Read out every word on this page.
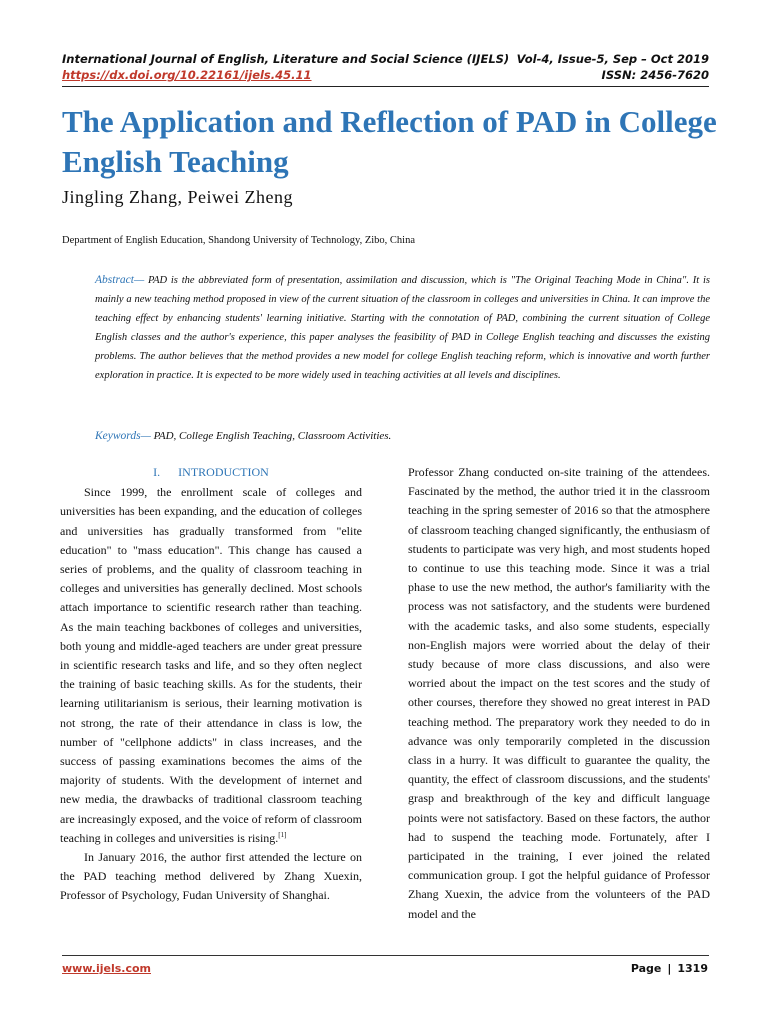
International Journal of English, Literature and Social Science (IJELS) Vol-4, Issue-5, Sep – Oct 2019
https://dx.doi.org/10.22161/ijels.45.11	ISSN: 2456-7620
The Application and Reflection of PAD in College English Teaching
Jingling Zhang, Peiwei Zheng
Department of English Education, Shandong University of Technology, Zibo, China
Abstract— PAD is the abbreviated form of presentation, assimilation and discussion, which is "The Original Teaching Mode in China". It is mainly a new teaching method proposed in view of the current situation of the classroom in colleges and universities in China. It can improve the teaching effect by enhancing students' learning initiative. Starting with the connotation of PAD, combining the current situation of College English classes and the author's experience, this paper analyses the feasibility of PAD in College English teaching and discusses the existing problems. The author believes that the method provides a new model for college English teaching reform, which is innovative and worth further exploration in practice. It is expected to be more widely used in teaching activities at all levels and disciplines.
Keywords— PAD, College English Teaching, Classroom Activities.
I. INTRODUCTION

Since 1999, the enrollment scale of colleges and universities has been expanding, and the education of colleges and universities has gradually transformed from "elite education" to "mass education". This change has caused a series of problems, and the quality of classroom teaching in colleges and universities has generally declined. Most schools attach importance to scientific research rather than teaching. As the main teaching backbones of colleges and universities, both young and middle-aged teachers are under great pressure in scientific research tasks and life, and so they often neglect the training of basic teaching skills. As for the students, their learning utilitarianism is serious, their learning motivation is not strong, the rate of their attendance in class is low, the number of "cellphone addicts" in class increases, and the success of passing examinations becomes the aims of the majority of students. With the development of internet and new media, the drawbacks of traditional classroom teaching are increasingly exposed, and the voice of reform of classroom teaching in colleges and universities is rising.[1]

In January 2016, the author first attended the lecture on the PAD teaching method delivered by Zhang Xuexin, Professor of Psychology, Fudan University of Shanghai.

Professor Zhang conducted on-site training of the attendees. Fascinated by the method, the author tried it in the classroom teaching in the spring semester of 2016 so that the atmosphere of classroom teaching changed significantly, the enthusiasm of students to participate was very high, and most students hoped to continue to use this teaching mode. Since it was a trial phase to use the new method, the author's familiarity with the process was not satisfactory, and the students were burdened with the academic tasks, and also some students, especially non-English majors were worried about the delay of their study because of more class discussions, and also were worried about the impact on the test scores and the study of other courses, therefore they showed no great interest in PAD teaching method. The preparatory work they needed to do in advance was only temporarily completed in the discussion class in a hurry. It was difficult to guarantee the quality, the quantity, the effect of classroom discussions, and the students' grasp and breakthrough of the key and difficult language points were not satisfactory. Based on these factors, the author had to suspend the teaching mode. Fortunately, after I participated in the training, I ever joined the related communication group. I got the helpful guidance of Professor Zhang Xuexin, the advice from the volunteers of the PAD model and the

www.ijels.com	Page | 1319
